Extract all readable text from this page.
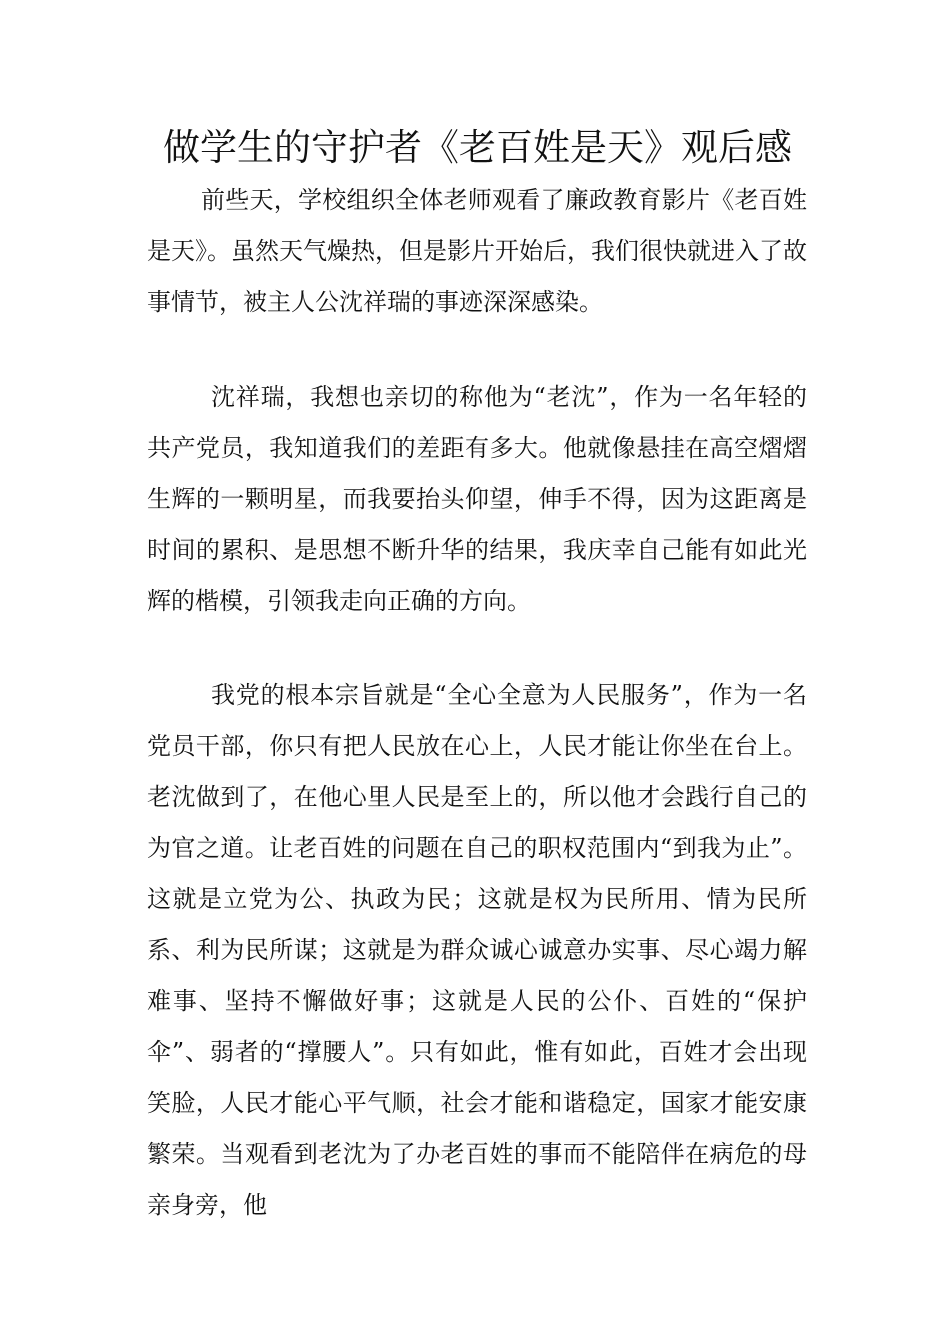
做学生的守护者《老百姓是天》观后感

前些天，学校组织全体老师观看了廉政教育影片《老百姓是天》。虽然天气燥热，但是影片开始后，我们很快就进入了故事情节，被主人公沈祥瑞的事迹深深感染。

沈祥瑞，我想也亲切的称他为“老沈”，作为一名年轻的共产党员，我知道我们的差距有多大。他就像悬挂在高空熠熠生辉的一颗明星，而我要抬头仰望，伸手不得，因为这距离是时间的累积、是思想不断升华的结果，我庆幸自己能有如此光辉的楷模，引领我走向正确的方向。

我党的根本宗旨就是“全心全意为人民服务”，作为一名党员干部，你只有把人民放在心上，人民才能让你坐在台上。老沈做到了，在他心里人民是至上的，所以他才会践行自己的为官之道。让老百姓的问题在自己的职权范围内“到我为止”。这就是立党为公、执政为民；这就是权为民所用、情为民所系、利为民所谋；这就是为群众诚心诚意办实事、尽心竭力解难事、坚持不懈做好事；这就是人民的公仆、百姓的“保护伞”、弱者的“撑腰人”。只有如此，惟有如此，百姓才会出现笑脸，人民才能心平气顺，社会才能和谐稳定，国家才能安康繁荣。当观看到老沈为了办老百姓的事而不能陪伴在病危的母亲身旁，他
